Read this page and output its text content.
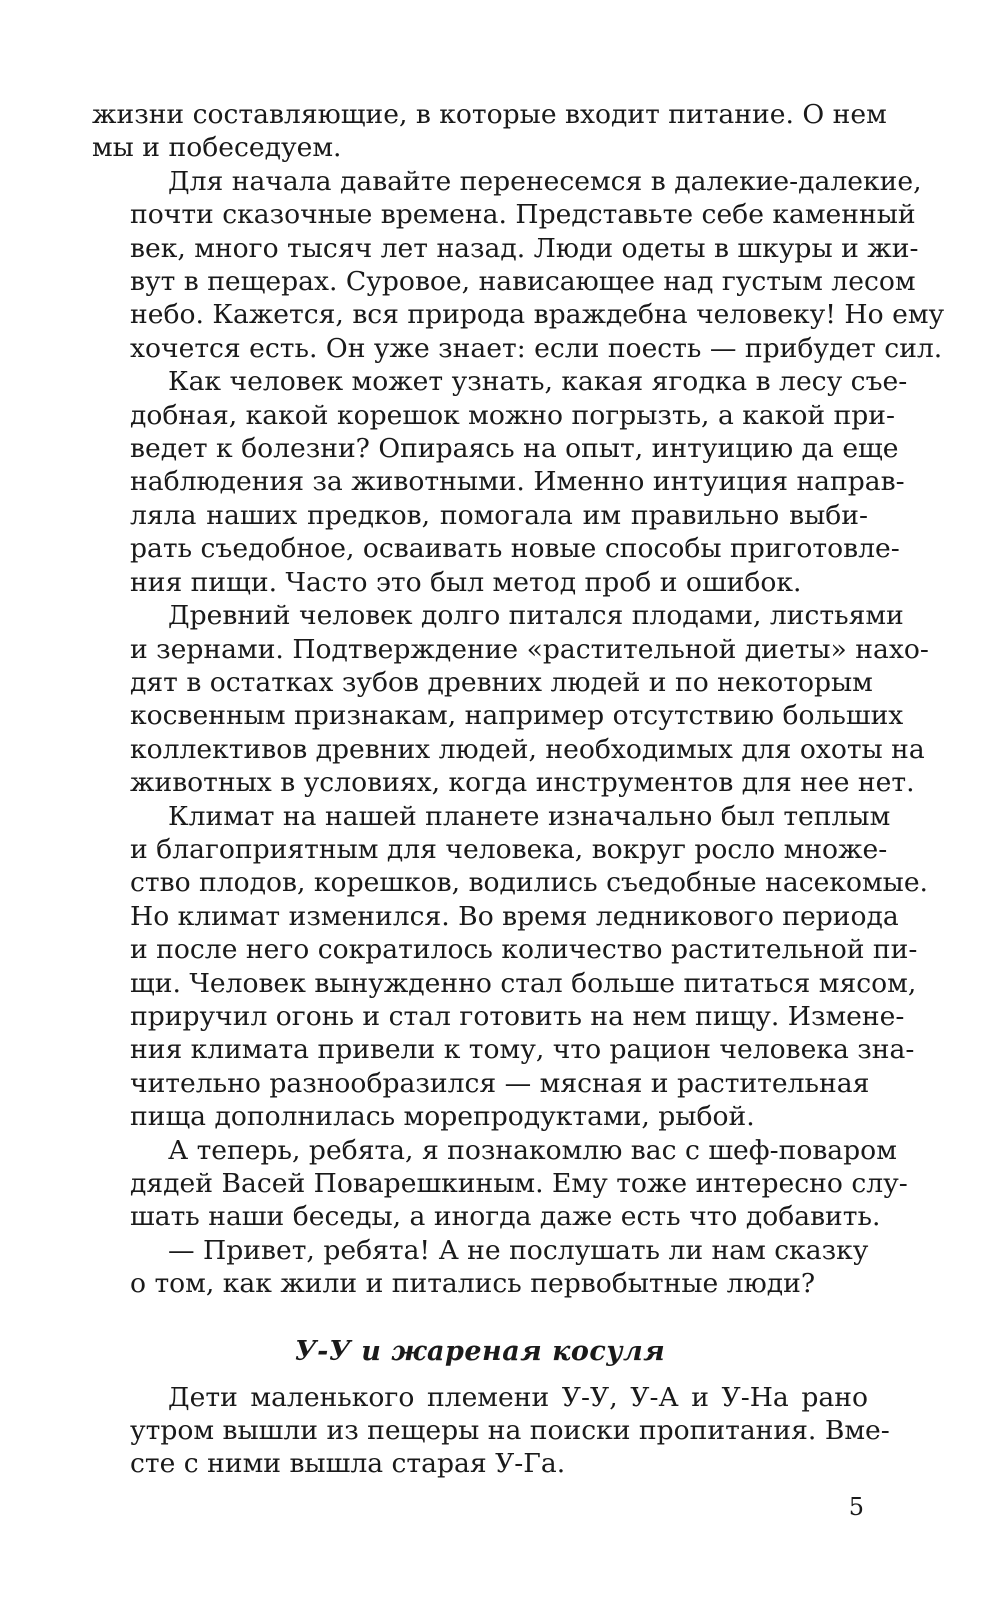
жизни составляющие, в которые входит питание. О нем
мы и побеседуем.
Для начала давайте перенесемся в далекие-далекие,
почти сказочные времена. Представьте себе каменный
век, много тысяч лет назад. Люди одеты в шкуры и жи-
вут в пещерах. Суровое, нависающее над густым лесом
небо. Кажется, вся природа враждебна человеку! Но ему
хочется есть. Он уже знает: если поесть — прибудет сил.
Как человек может узнать, какая ягодка в лесу съе-
добная, какой корешок можно погрызть, а какой при-
ведет к болезни? Опираясь на опыт, интуицию да еще
наблюдения за животными. Именно интуиция направ-
ляла наших предков, помогала им правильно выби-
рать съедобное, осваивать новые способы приготовле-
ния пищи. Часто это был метод проб и ошибок.
Древний человек долго питался плодами, листьями
и зернами. Подтверждение «растительной диеты» нахо-
дят в остатках зубов древних людей и по некоторым
косвенным признакам, например отсутствию больших
коллективов древних людей, необходимых для охоты на
животных в условиях, когда инструментов для нее нет.
Климат на нашей планете изначально был теплым
и благоприятным для человека, вокруг росло множе-
ство плодов, корешков, водились съедобные насекомые.
Но климат изменился. Во время ледникового периода
и после него сократилось количество растительной пи-
щи. Человек вынужденно стал больше питаться мясом,
приручил огонь и стал готовить на нем пищу. Измене-
ния климата привели к тому, что рацион человека зна-
чительно разнообразился — мясная и растительная
пища дополнилась морепродуктами, рыбой.
А теперь, ребята, я познакомлю вас с шеф-поваром
дядей Васей Поварешкиным. Ему тоже интересно слу-
шать наши беседы, а иногда даже есть что добавить.
— Привет, ребята! А не послушать ли нам сказку
о том, как жили и питались первобытные люди?
У-У и жареная косуля
Дети маленького племени У-У, У-А и У-На рано
утром вышли из пещеры на поиски пропитания. Вме-
сте с ними вышла старая У-Га.
5
